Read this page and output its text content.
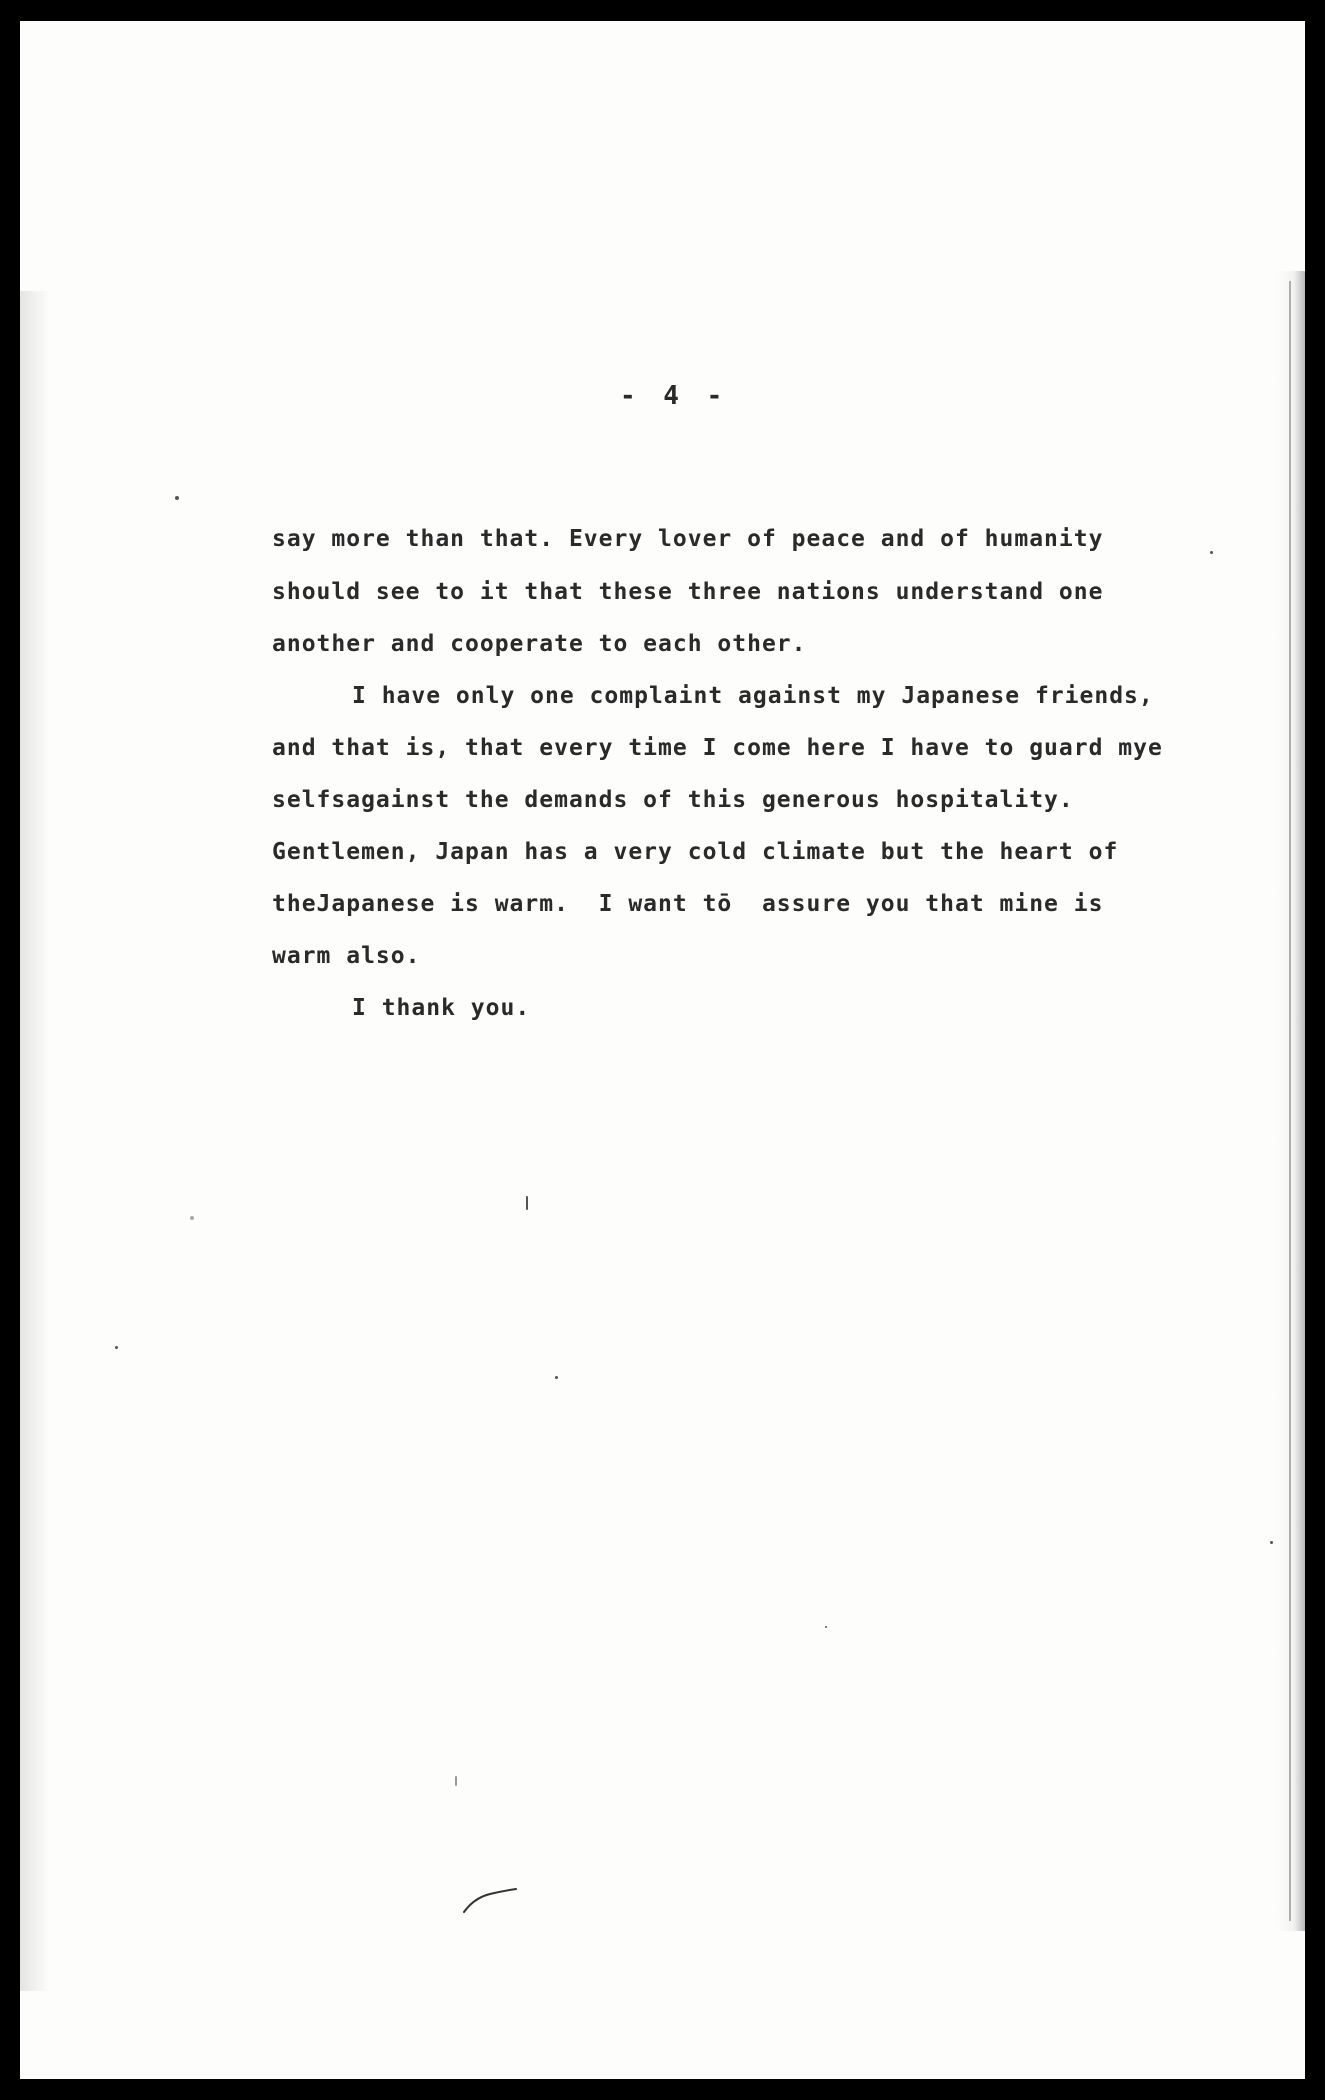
- 4 -
say more than that. Every lover of peace and of humanity
should see to it that these three nations understand one
another and cooperate to each other.
I have only one complaint against my Japanese friends,
and that is, that every time I come here I have to guard mye
selfsagainst the demands of this generous hospitality.
Gentlemen, Japan has a very cold climate but the heart of
theJapanese is warm.  I want tō  assure you that mine is
warm also.
I thank you.
